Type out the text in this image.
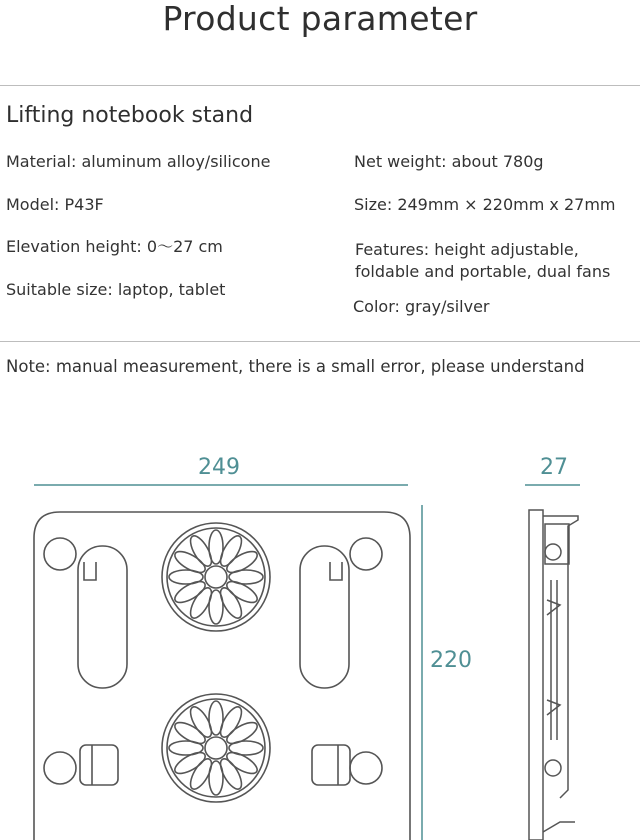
Product parameter
Lifting notebook stand
Material: aluminum alloy/silicone
Model: P43F
Elevation height: 0〜27 cm
Suitable size: laptop, tablet
Net weight: about 780g
Size: 249mm × 220mm x 27mm
Features: height adjustable,
foldable and portable, dual fans
Color: gray/silver
Note: manual measurement, there is a small error, please understand
249
220
27
